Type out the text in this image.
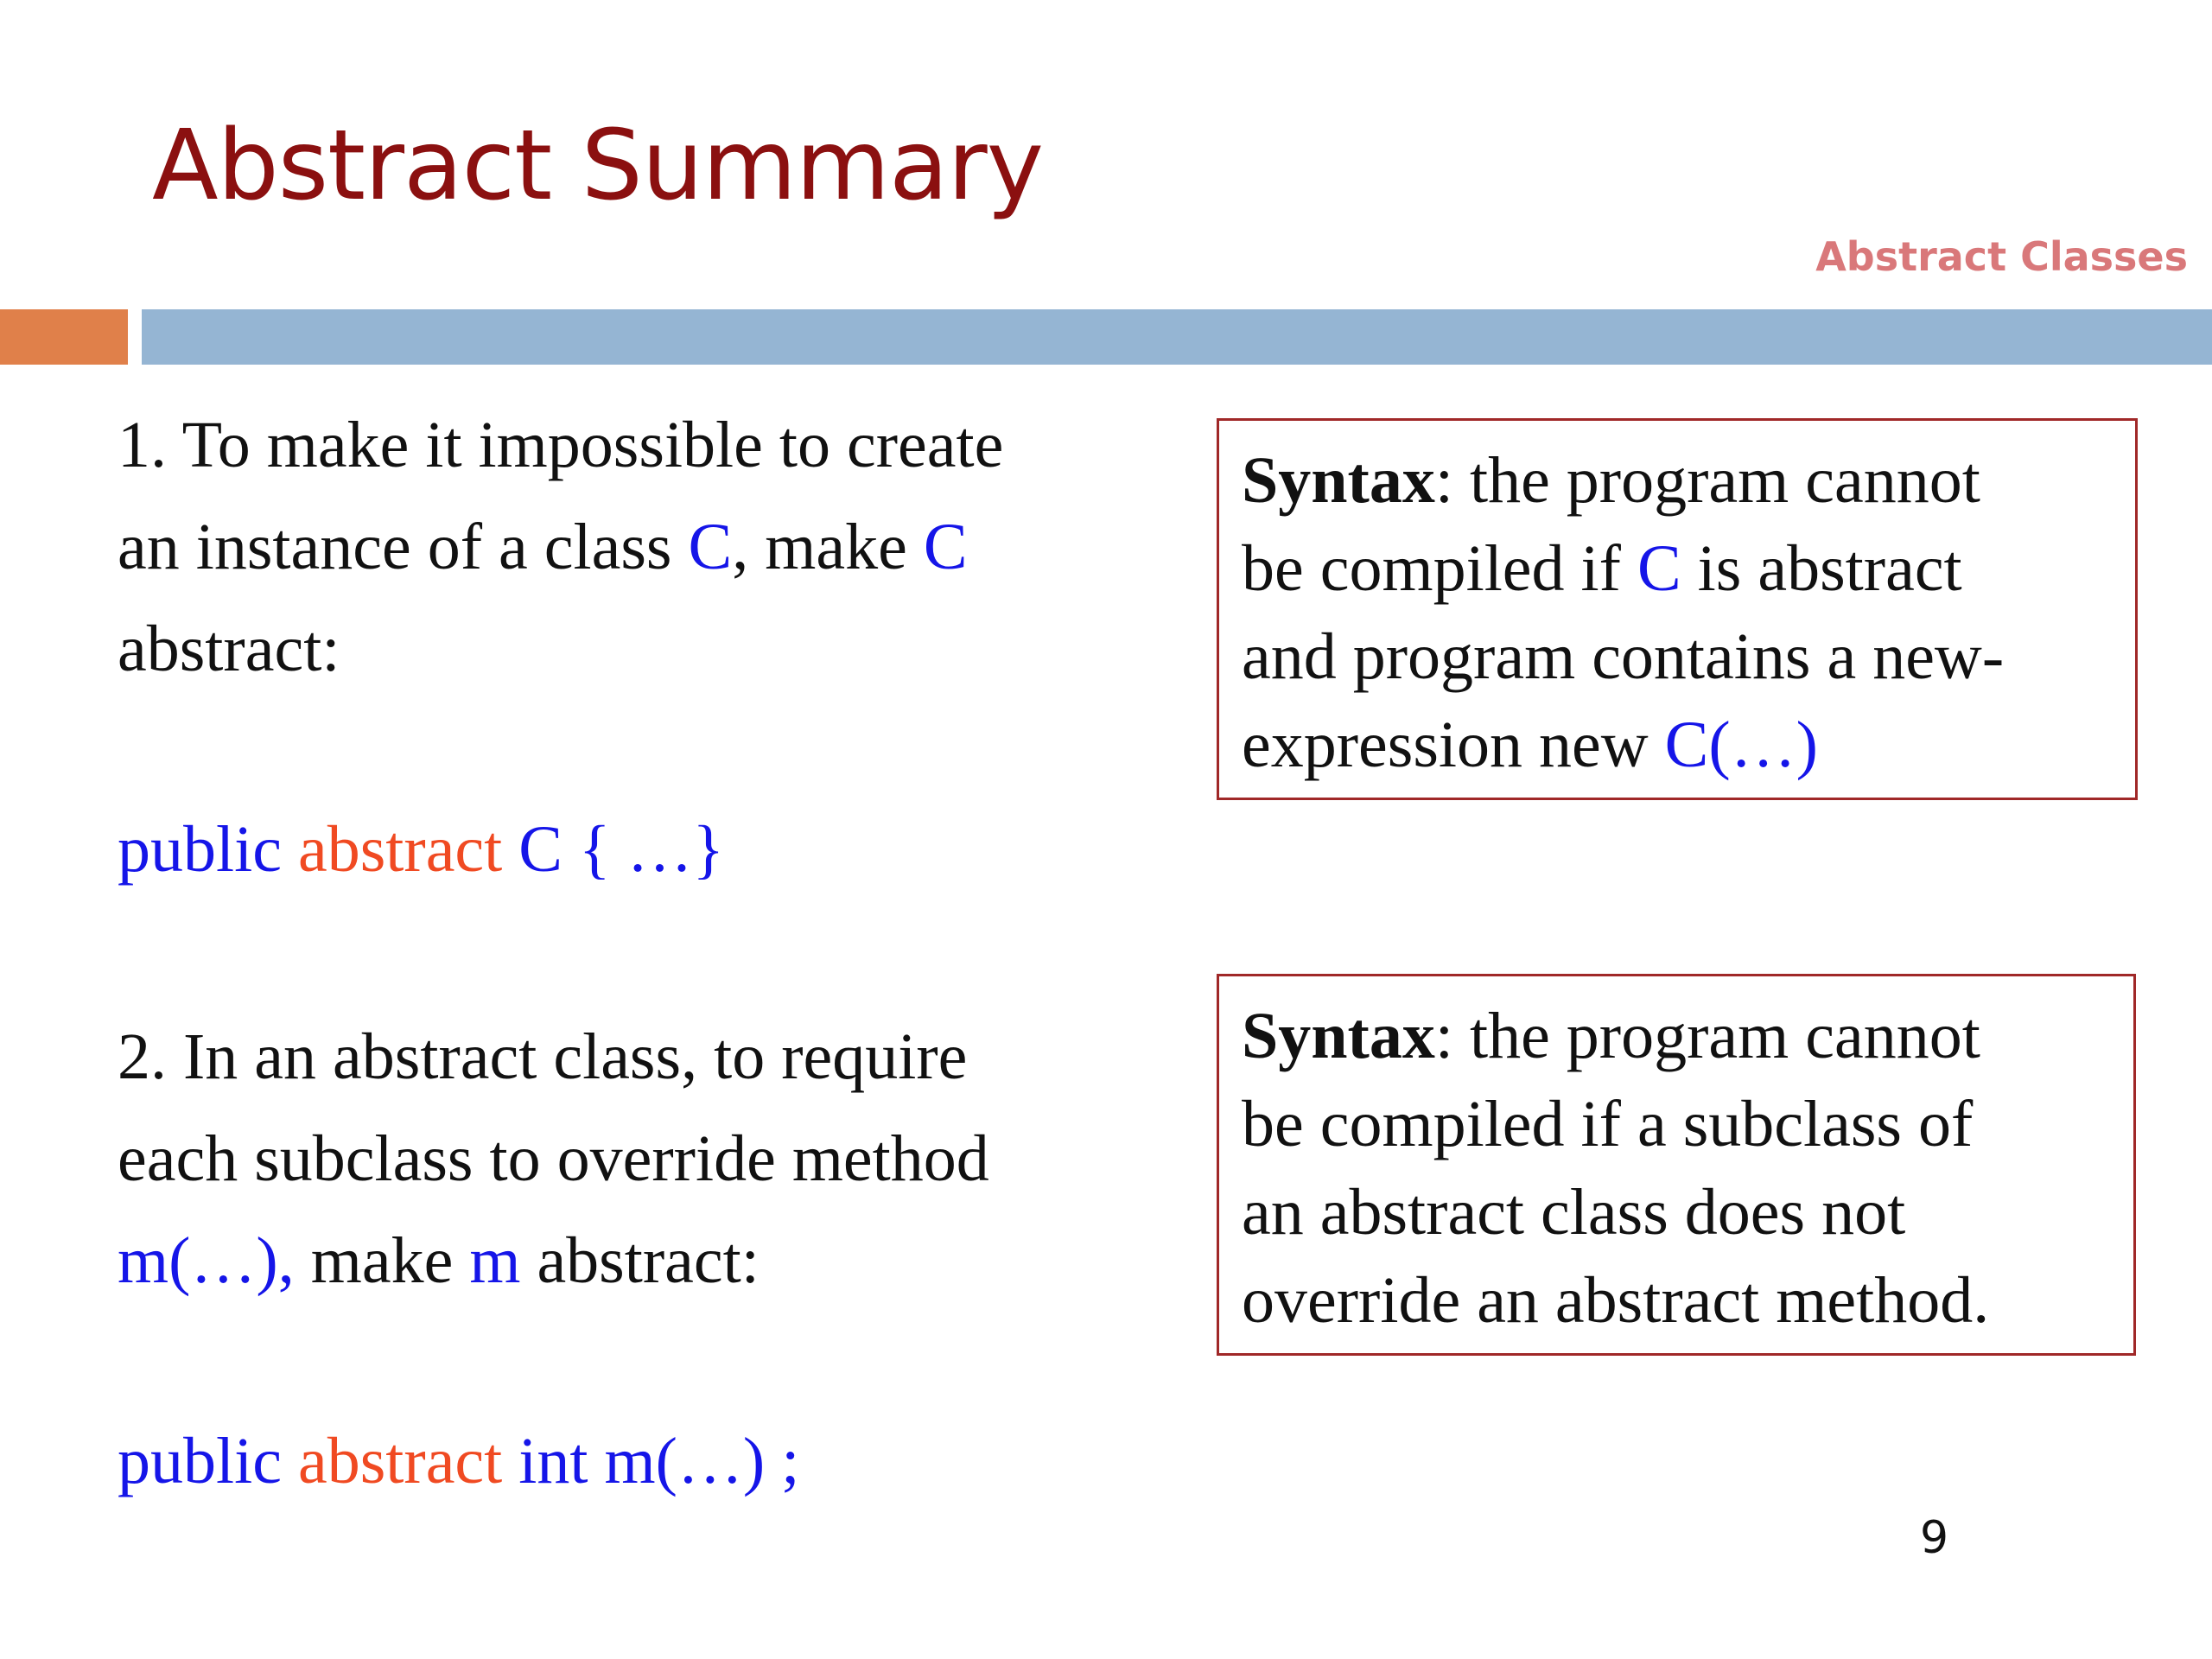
Abstract Summary
Abstract Classes

1. To make it impossible to create

an instance of a class C, make C

abstract:

public abstract C { …}

2. In an abstract class, to require

each subclass to override method

m(…), make m abstract:

public abstract int m(…) ;

Syntax: the program cannot

be compiled if C is abstract

and program contains a new-

expression new C(…)

Syntax: the program cannot

be compiled if a subclass of

an abstract class does not

override an abstract method.

9
